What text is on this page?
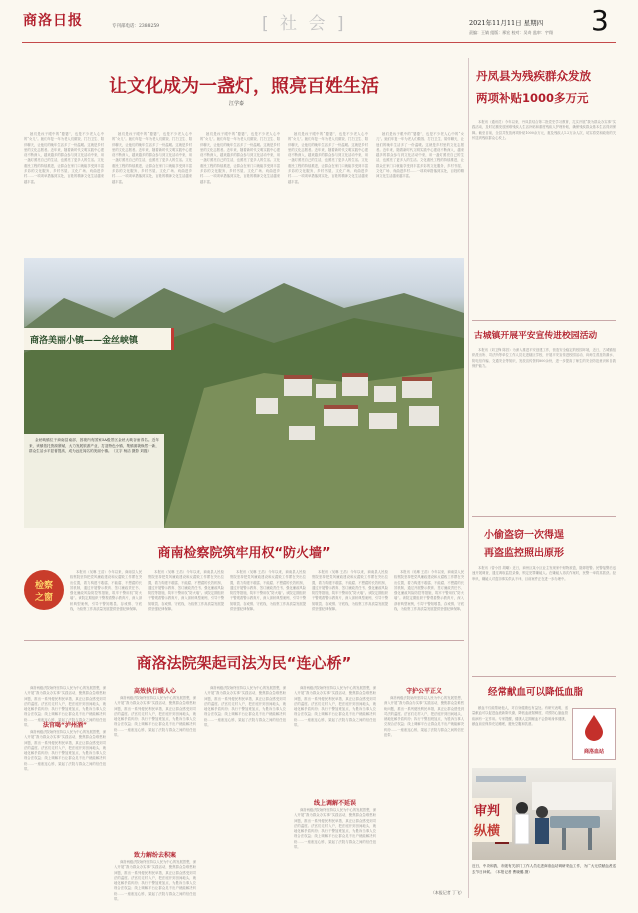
商洛日报	专刊部电话：2388259	[ 社 会 ]	2021年11月11日 星期四
责编：王婧 组版：邢宏 校对：吴奇 监审：宇翔 3
让文化成为一盏灯，照亮百姓生活
江学泰
她们是孩子眼中的“婆婆”，也是不少老人心中的“女儿”。她们年复一年为老人们做饭、打扫卫生、陪伴聊天，让他们的晚年生活多了一份温暖。这就是乡村里的文化志愿者。近年来，随着新时代文明实践中心建设不断深入，越来越多的群众参与到文化活动中来，用一盏灯照亮自己的生活，也照亮了更多人的生活。文化惠民工程的持续推进，让群众在家门口就能享受到丰富多彩的文化服务，乡村书屋、文化广场、戏曲进乡村……一项项举措落到实处，百姓的精神文化生活越来越丰富。
她们是孩子眼中的“婆婆”，也是不少老人心中的“女儿”。她们年复一年为老人们做饭、打扫卫生、陪伴聊天，让他们的晚年生活多了一份温暖。这就是乡村里的文化志愿者。近年来，随着新时代文明实践中心建设不断深入，越来越多的群众参与到文化活动中来，用一盏灯照亮自己的生活，也照亮了更多人的生活。文化惠民工程的持续推进，让群众在家门口就能享受到丰富多彩的文化服务，乡村书屋、文化广场、戏曲进乡村……一项项举措落到实处，百姓的精神文化生活越来越丰富。
她们是孩子眼中的“婆婆”，也是不少老人心中的“女儿”。她们年复一年为老人们做饭、打扫卫生、陪伴聊天，让他们的晚年生活多了一份温暖。这就是乡村里的文化志愿者。近年来，随着新时代文明实践中心建设不断深入，越来越多的群众参与到文化活动中来，用一盏灯照亮自己的生活，也照亮了更多人的生活。文化惠民工程的持续推进，让群众在家门口就能享受到丰富多彩的文化服务，乡村书屋、文化广场、戏曲进乡村……一项项举措落到实处，百姓的精神文化生活越来越丰富。
她们是孩子眼中的“婆婆”，也是不少老人心中的“女儿”。她们年复一年为老人们做饭、打扫卫生、陪伴聊天，让他们的晚年生活多了一份温暖。这就是乡村里的文化志愿者。近年来，随着新时代文明实践中心建设不断深入，越来越多的群众参与到文化活动中来，用一盏灯照亮自己的生活，也照亮了更多人的生活。文化惠民工程的持续推进，让群众在家门口就能享受到丰富多彩的文化服务，乡村书屋、文化广场、戏曲进乡村……一项项举措落到实处，百姓的精神文化生活越来越丰富。
她们是孩子眼中的“婆婆”，也是不少老人心中的“女儿”。她们年复一年为老人们做饭、打扫卫生、陪伴聊天，让他们的晚年生活多了一份温暖。这就是乡村里的文化志愿者。近年来，随着新时代文明实践中心建设不断深入，越来越多的群众参与到文化活动中来，用一盏灯照亮自己的生活，也照亮了更多人的生活。文化惠民工程的持续推进，让群众在家门口就能享受到丰富多彩的文化服务，乡村书屋、文化广场、戏曲进乡村……一项项举措落到实处，百姓的精神文化生活越来越丰富。
商洛美丽小镇——金丝峡镇
金丝峡镇位于商南县南部，因境内有国家5A级景区金丝大峡谷而得名。近年来，该镇依托资源禀赋，大力发展旅游产业，打造特色小镇，集镇面貌焕然一新，群众生活水平显著提高，成为远近闻名的美丽小镇。（文字 杨洁 摄影 刘磊）
商南检察院筑牢用权“防火墙”
检察
之窗
本报讯（吴琳 王浩）今年以来，商南县人民检察院坚持把党风廉政建设和反腐败工作摆在突出位置，着力构建不敢腐、不能腐、不想腐的长效机制，通过开展警示教育、签订廉政责任书、强化廉政风险防控等措施，筑牢干警用权“防火墙”。该院定期组织干警观看警示教育片，深入剖析典型案例，引导干警知敬畏、存戒惧、守底线，为检察工作高质量发展提供坚强纪律保障。
本报讯（吴琳 王浩）今年以来，商南县人民检察院坚持把党风廉政建设和反腐败工作摆在突出位置，着力构建不敢腐、不能腐、不想腐的长效机制，通过开展警示教育、签订廉政责任书、强化廉政风险防控等措施，筑牢干警用权“防火墙”。该院定期组织干警观看警示教育片，深入剖析典型案例，引导干警知敬畏、存戒惧、守底线，为检察工作高质量发展提供坚强纪律保障。
本报讯（吴琳 王浩）今年以来，商南县人民检察院坚持把党风廉政建设和反腐败工作摆在突出位置，着力构建不敢腐、不能腐、不想腐的长效机制，通过开展警示教育、签订廉政责任书、强化廉政风险防控等措施，筑牢干警用权“防火墙”。该院定期组织干警观看警示教育片，深入剖析典型案例，引导干警知敬畏、存戒惧、守底线，为检察工作高质量发展提供坚强纪律保障。
本报讯（吴琳 王浩）今年以来，商南县人民检察院坚持把党风廉政建设和反腐败工作摆在突出位置，着力构建不敢腐、不能腐、不想腐的长效机制，通过开展警示教育、签订廉政责任书、强化廉政风险防控等措施，筑牢干警用权“防火墙”。该院定期组织干警观看警示教育片，深入剖析典型案例，引导干警知敬畏、存戒惧、守底线，为检察工作高质量发展提供坚强纪律保障。
本报讯（吴琳 王浩）今年以来，商南县人民检察院坚持把党风廉政建设和反腐败工作摆在突出位置，着力构建不敢腐、不能腐、不想腐的长效机制，通过开展警示教育、签订廉政责任书、强化廉政风险防控等措施，筑牢干警用权“防火墙”。该院定期组织干警观看警示教育片，深入剖析典型案例，引导干警知敬畏、存戒惧、守底线，为检察工作高质量发展提供坚强纪律保障。
商洛法院架起司法为民“连心桥”
商洛两级法院始终坚持以人民为中心的发展思想，深入开展“我为群众办实事”实践活动，聚焦群众急难愁盼问题，推出一系列便民利民举措，真正让群众感受到司法的温度。法官们走村入户，把法庭开到田间地头，就地化解矛盾纠纷；执行干警加班加点，为胜诉当事人兑现合法权益；线上调解平台让群众足不出户就能解决纠纷……一座座连心桥，架起了法院与群众之间的信任纽带。	法官喝“泸州酒”
商洛两级法院始终坚持以人民为中心的发展思想，深入开展“我为群众办实事”实践活动，聚焦群众急难愁盼问题，推出一系列便民利民举措，真正让群众感受到司法的温度。法官们走村入户，把法庭开到田间地头，就地化解矛盾纠纷；执行干警加班加点，为胜诉当事人兑现合法权益；线上调解平台让群众足不出户就能解决纠纷……一座座连心桥，架起了法院与群众之间的信任纽带。
高效执行暖人心
商洛两级法院始终坚持以人民为中心的发展思想，深入开展“我为群众办实事”实践活动，聚焦群众急难愁盼问题，推出一系列便民利民举措，真正让群众感受到司法的温度。法官们走村入户，把法庭开到田间地头，就地化解矛盾纠纷；执行干警加班加点，为胜诉当事人兑现合法权益；线上调解平台让群众足不出户就能解决纠纷……一座座连心桥，架起了法院与群众之间的信任纽带。
致力解纷去积案
商洛两级法院始终坚持以人民为中心的发展思想，深入开展“我为群众办实事”实践活动，聚焦群众急难愁盼问题，推出一系列便民利民举措，真正让群众感受到司法的温度。法官们走村入户，把法庭开到田间地头，就地化解矛盾纠纷；执行干警加班加点，为胜诉当事人兑现合法权益；线上调解平台让群众足不出户就能解决纠纷……一座座连心桥，架起了法院与群众之间的信任纽带。
商洛两级法院始终坚持以人民为中心的发展思想，深入开展“我为群众办实事”实践活动，聚焦群众急难愁盼问题，推出一系列便民利民举措，真正让群众感受到司法的温度。法官们走村入户，把法庭开到田间地头，就地化解矛盾纠纷；执行干警加班加点，为胜诉当事人兑现合法权益；线上调解平台让群众足不出户就能解决纠纷……一座座连心桥，架起了法院与群众之间的信任纽带。
商洛两级法院始终坚持以人民为中心的发展思想，深入开展“我为群众办实事”实践活动，聚焦群众急难愁盼问题，推出一系列便民利民举措，真正让群众感受到司法的温度。法官们走村入户，把法庭开到田间地头，就地化解矛盾纠纷；执行干警加班加点，为胜诉当事人兑现合法权益；线上调解平台让群众足不出户就能解决纠纷……一座座连心桥，架起了法院与群众之间的信任纽带。
线上调解不延误
商洛两级法院始终坚持以人民为中心的发展思想，深入开展“我为群众办实事”实践活动，聚焦群众急难愁盼问题，推出一系列便民利民举措，真正让群众感受到司法的温度。法官们走村入户，把法庭开到田间地头，就地化解矛盾纠纷；执行干警加班加点，为胜诉当事人兑现合法权益；线上调解平台让群众足不出户就能解决纠纷……一座座连心桥，架起了法院与群众之间的信任纽带。
守护公平正义
商洛两级法院始终坚持以人民为中心的发展思想，深入开展“我为群众办实事”实践活动，聚焦群众急难愁盼问题，推出一系列便民利民举措，真正让群众感受到司法的温度。法官们走村入户，把法庭开到田间地头，就地化解矛盾纠纷；执行干警加班加点，为胜诉当事人兑现合法权益；线上调解平台让群众足不出户就能解决纠纷……一座座连心桥，架起了法院与群众之间的信任纽带。
（本报记者 丁飞）
丹凤县为残疾群众发放
两项补贴1000多万元
本报讯（通讯员）今年以来，丹凤县结合第二批党史学习教育，扎实开展“我为群众办实事”实践活动，及时足额发放困难残疾人生活补贴和重度残疾人护理补贴，确保残疾群众基本生活得到保障。截至目前，全县共发放两项补贴1000余万元，惠及残疾人1.2万余人次，切实将党和政府的关怀送到残疾群众心坎上。
古城镇开展平安宣传进校园活动
本报讯（刘卫锋 陈昌）为深入推进平安创建工作，营造安全稳定的校园环境，近日，古城镇组织派出所、司法所等单位工作人员走进辖区学校，开展平安宣传进校园活动，向师生普及防溺水、防电信诈骗、交通安全等知识，发放宣传资料800余份，进一步提高了师生的安全防范意识和自我保护能力。
小偷盗窃一次得逞
再盗监控照出原形
本报讯（曾小昌 胡曦）近日，商州区某小区业主发现家中财物被盗，随即报警。民警接警后迅速开展调查，通过调取监控录像，锁定犯罪嫌疑人。在嫌疑人再次作案时，民警一举将其抓获。经审讯，嫌疑人对盗窃事实供认不讳，目前案件正在进一步办理中。
经常献血可以降低血脂
献血不仅能帮助他人，对自身健康也有益处。有研究表明，适量献血可以促进血液新陈代谢，降低血液黏稠度，对预防心脑血管疾病有一定作用。专家提醒，健康人定期献血不会影响身体健康，献血前应保持充足睡眠，避免空腹和饮酒。
商洛血站
审判
纵横
近日，中央和我，市级有关部门工作人员走进商洛血站调研采血工作，为广大无偿献血者送去节日问候。（本报记者 曹晓璐 摄）
